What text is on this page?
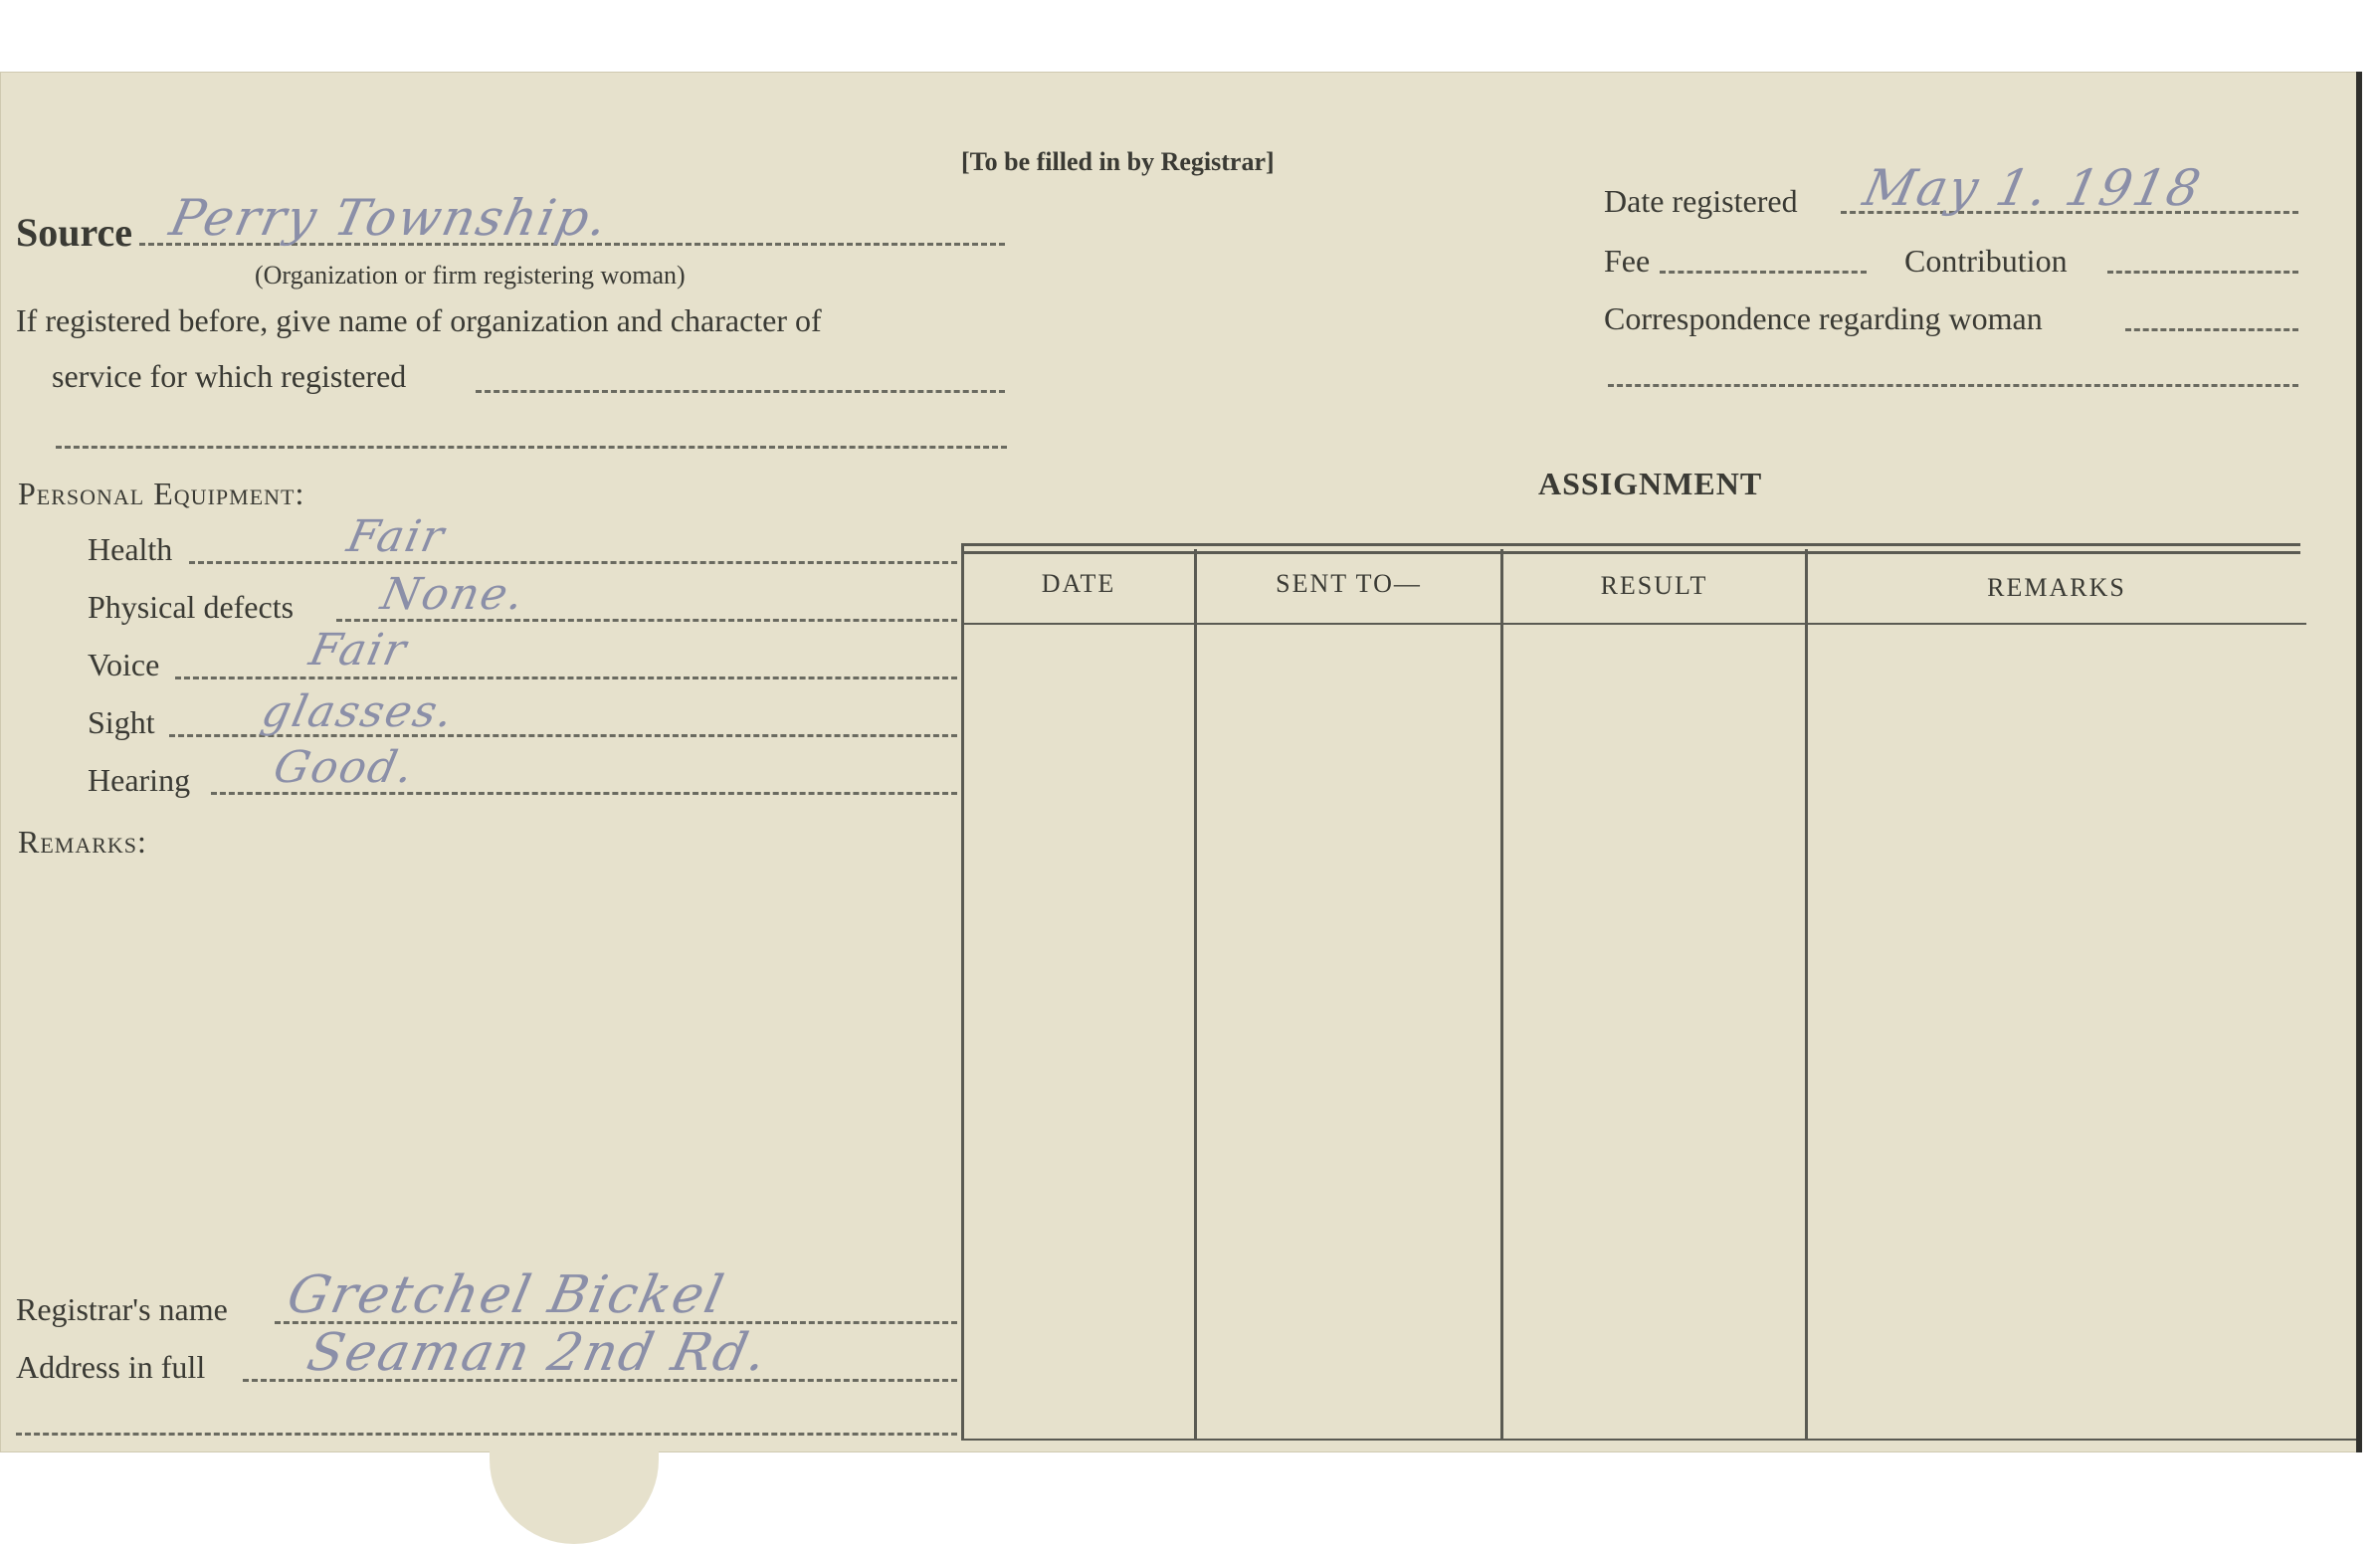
[To be filled in by Registrar]
Source Perry Township.
(Organization or firm registering woman)
If registered before, give name of organization and character of
service for which registered
Personal Equipment:
Health	Fair
Physical defects None.
Voice	Fair
Sight glasses.
Hearing Good.
Remarks:
Registrar's name Gretchel Bickel
Address in full Seaman 2nd Rd.
Date registered May 1. 1918
Fee	Contribution
Correspondence regarding woman
ASSIGNMENT
DATE	SENT TO—	RESULT	REMARKS
